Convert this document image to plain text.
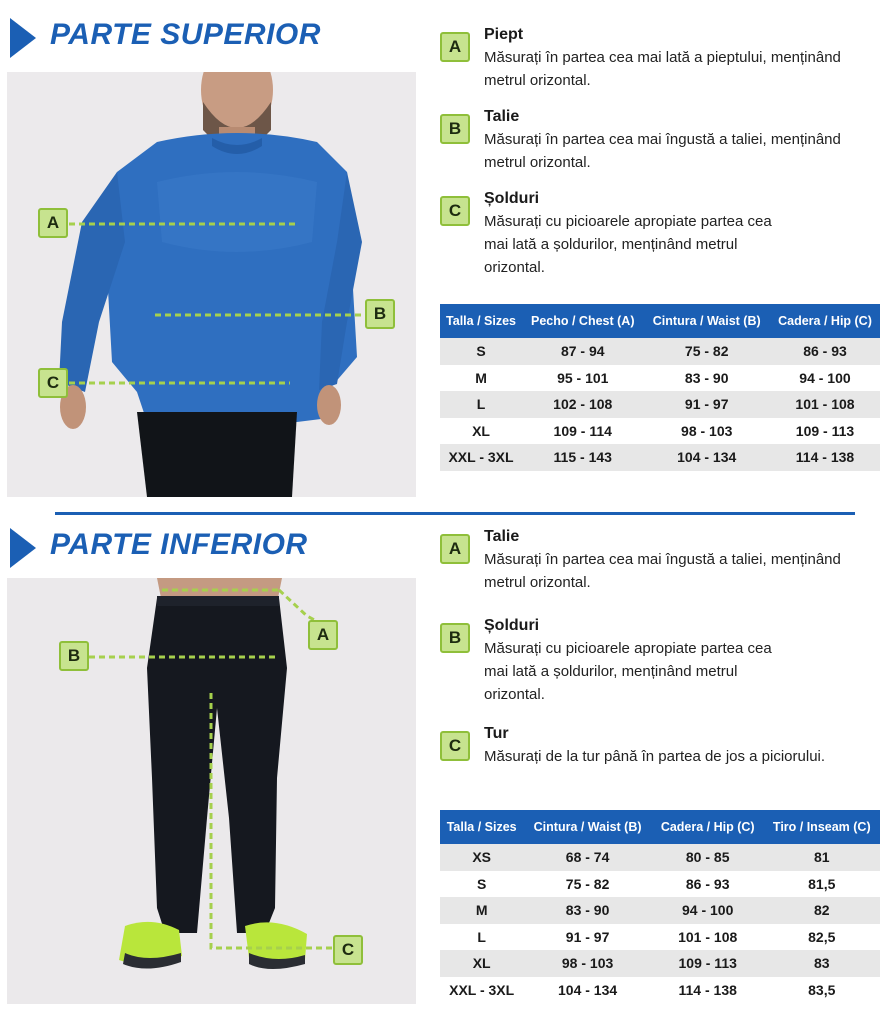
PARTE SUPERIOR
A
B
C
A
Piept
Măsurați în partea cea mai lată a pieptului, menținând metrul orizontal.
B
Talie
Măsurați în partea cea mai îngustă a taliei, menținând metrul orizontal.
C
Șolduri
Măsurați cu picioarele apropiate partea cea mai lată a șoldurilor, menținând metrul orizontal.
Talla / Sizes	Pecho / Chest (A)	Cintura / Waist (B)	Cadera / Hip (C)
S	87 - 94	75 - 82	86 - 93
M	95 - 101	83 - 90	94 - 100
L	102 - 108	91 - 97	101 - 108
XL	109 - 114	98 - 103	109 - 113
XXL - 3XL	115 - 143	104 - 134	114 - 138
PARTE INFERIOR
A
B
C
A
Talie
Măsurați în partea cea mai îngustă a taliei, menținând metrul orizontal.
B
Șolduri
Măsurați cu picioarele apropiate partea cea mai lată a șoldurilor, menținând metrul orizontal.
C
Tur
Măsurați de la tur până în partea de jos a piciorului.
Talla / Sizes	Cintura / Waist (B)	Cadera / Hip (C)	Tiro / Inseam (C)
XS	68 - 74	80 - 85	81
S	75 - 82	86 - 93	81,5
M	83 - 90	94 - 100	82
L	91 - 97	101 - 108	82,5
XL	98 - 103	109 - 113	83
XXL - 3XL	104 - 134	114 - 138	83,5
